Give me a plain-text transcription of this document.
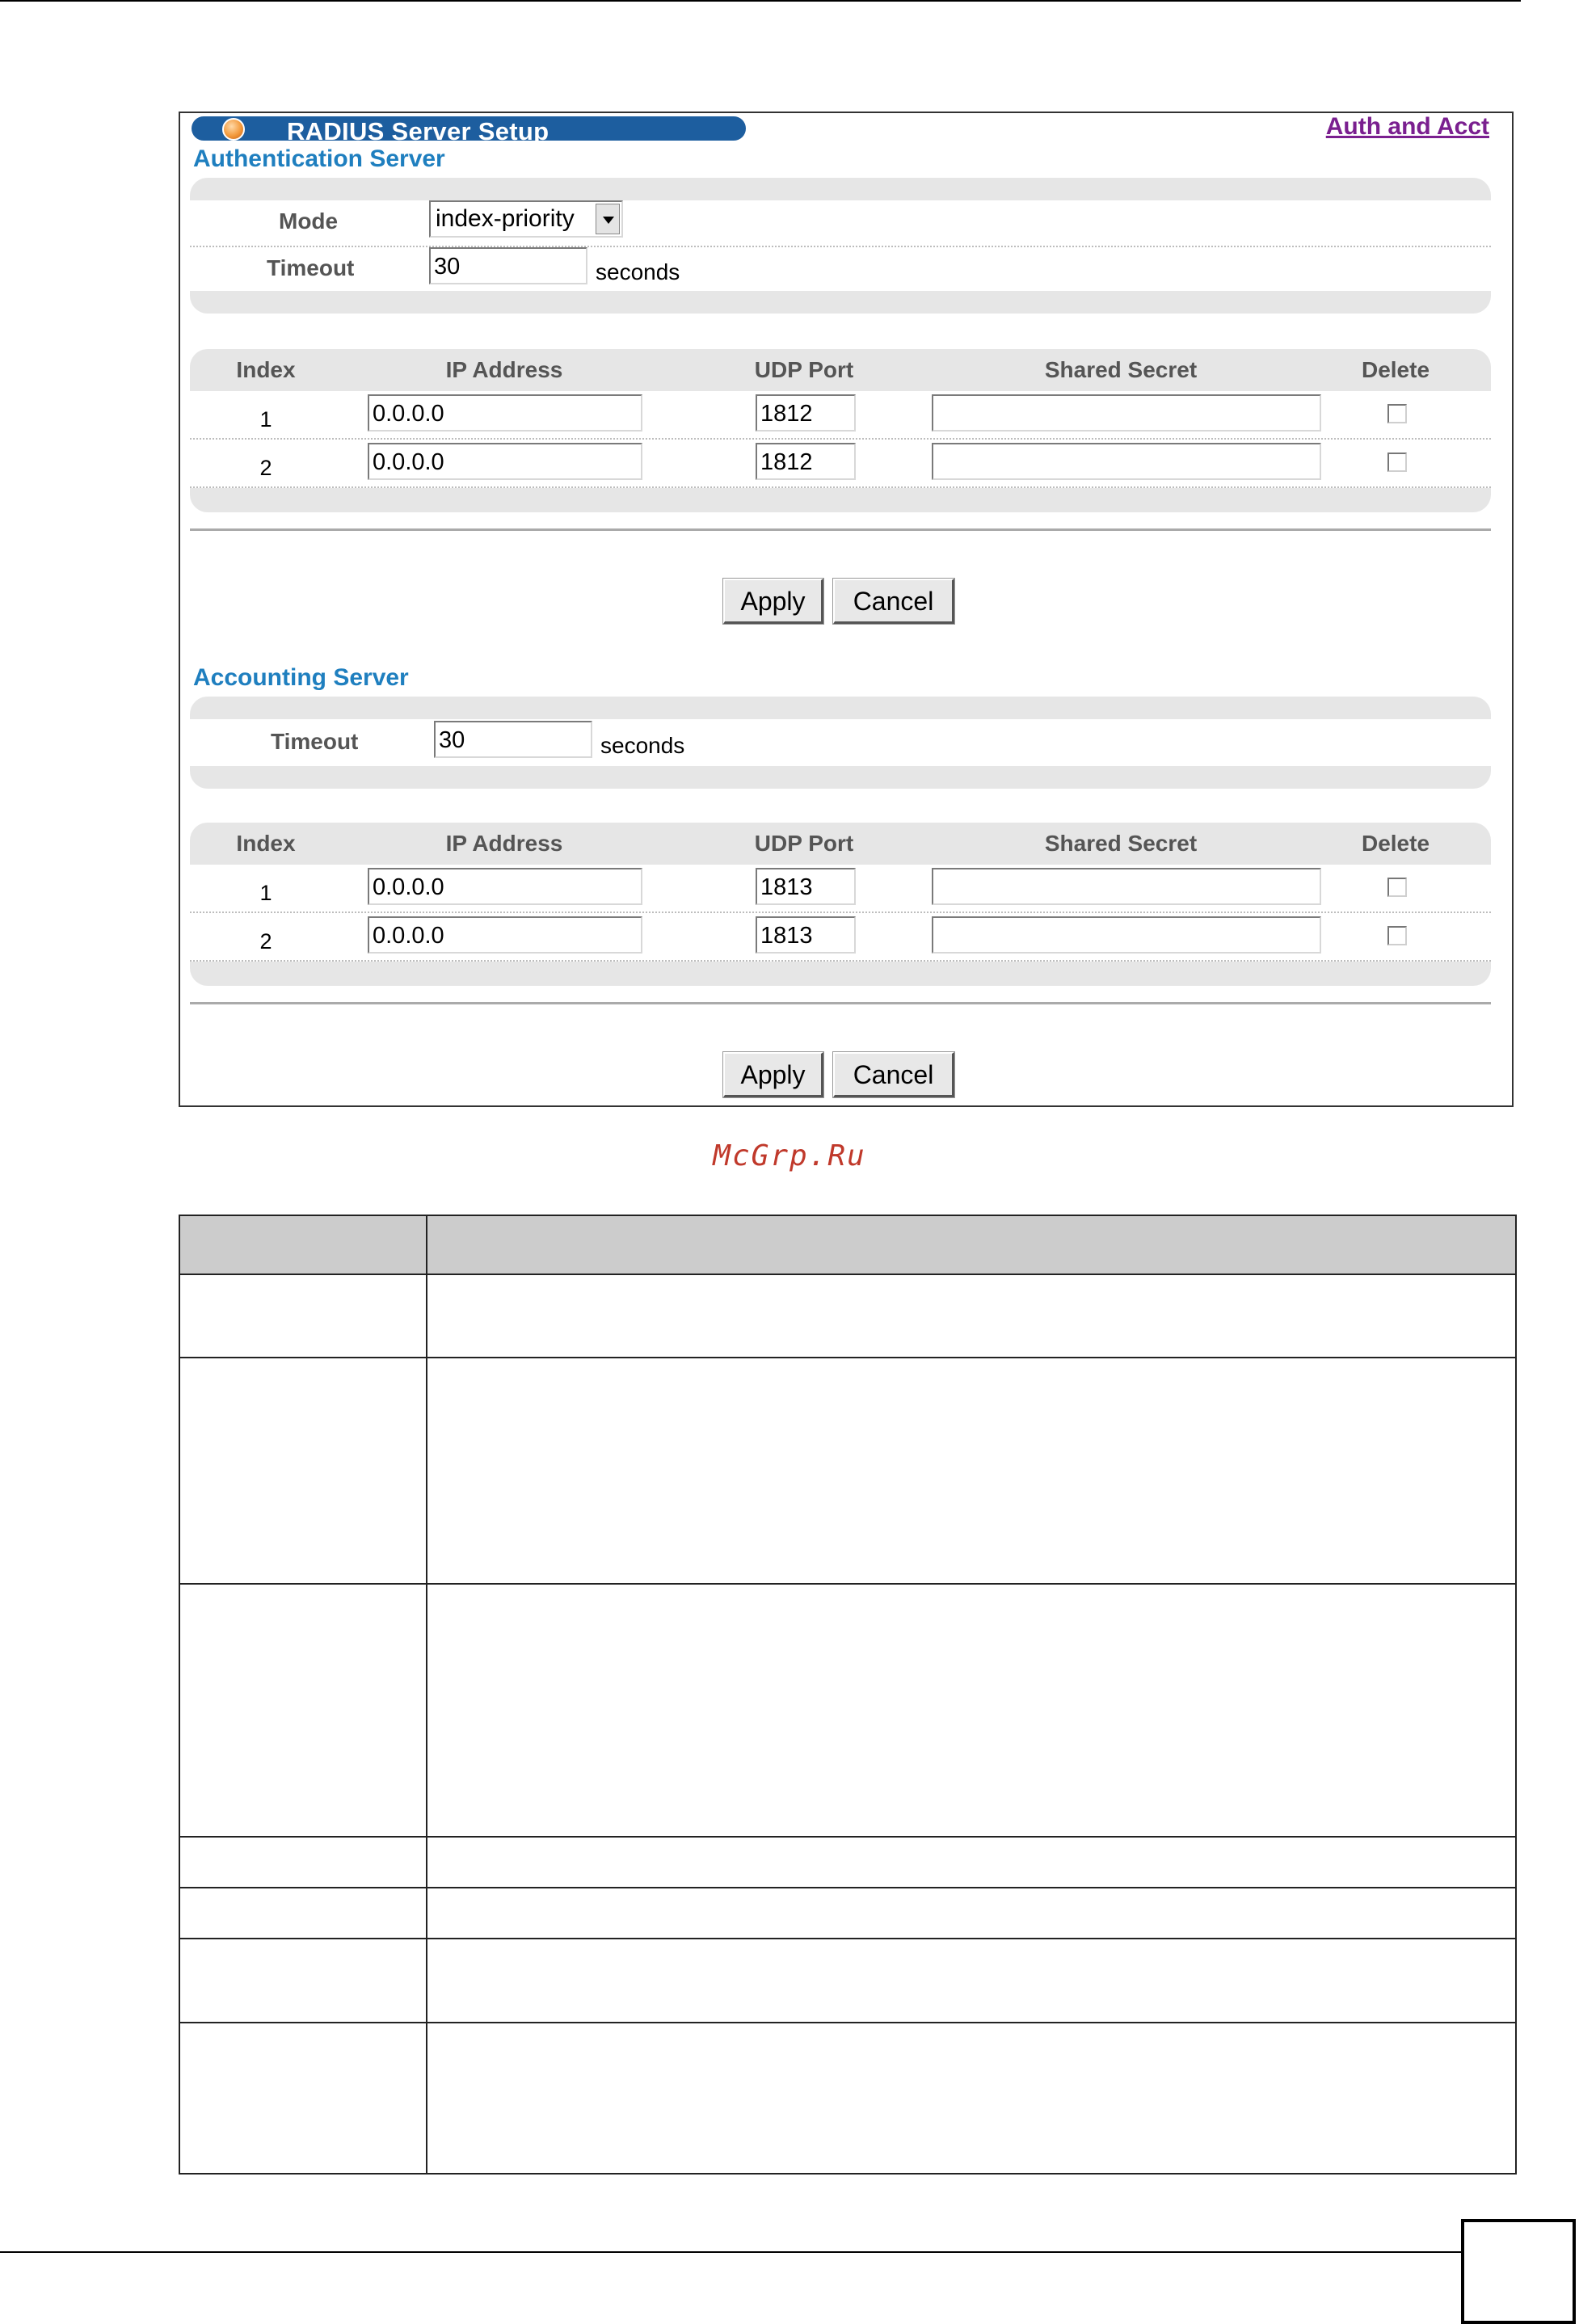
RADIUS Server Setup	Auth and Acct
Authentication Server
Mode	index-priority
Timeout	30	seconds
Index	IP Address	UDP Port	Shared Secret	Delete
1	0.0.0.0	1812
2	0.0.0.0	1812
Apply	Cancel
Accounting Server
Timeout	30	seconds
Index	IP Address	UDP Port	Shared Secret	Delete
1	0.0.0.0	1813
2	0.0.0.0	1813
Apply	Cancel
McGrp.Ru
